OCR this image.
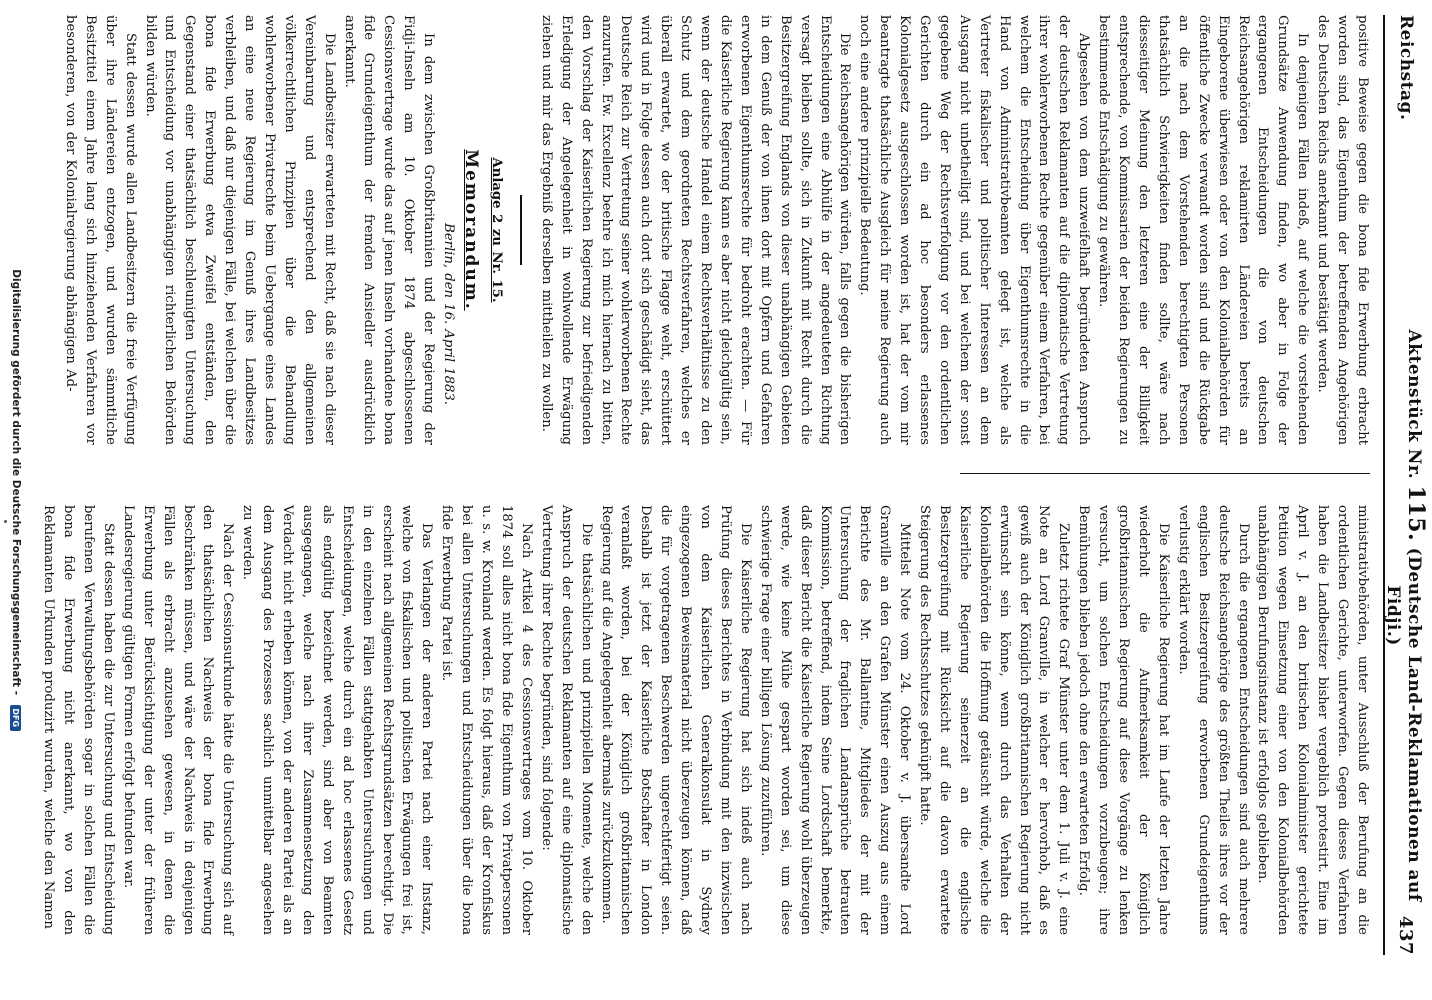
Reichstag.
Aktenstück Nr. 115. (Deutsche Land-Reklamationen auf Fidji.)
437

positive Beweise gegen die bona fide Erwerbung erbracht worden sind, das Eigenthum der betreffenden Angehörigen des Deutschen Reichs anerkannt und bestätigt werden.

In denjenigen Fällen indeß, auf welche die vorstehenden Grundsätze Anwendung finden, wo aber in Folge der ergangenen Entscheidungen die von deutschen Reichsangehörigen reklamirten Ländereien bereits an Eingeborene überwiesen oder von den Kolonialbehörden für öffentliche Zwecke verwandt worden sind und die Rückgabe an die nach dem Vorstehenden berechtigten Personen thatsächlich Schwierigkeiten finden sollte, wäre nach diesseitiger Meinung den letzteren eine der Billigkeit entsprechende, von Kommissarien der beiden Regierungen zu bestimmende Entschädigung zu gewähren.

Abgesehen von dem unzweifelhaft begründeten Anspruch der deutschen Reklamanten auf die diplomatische Vertretung ihrer wohlerworbenen Rechte gegenüber einem Verfahren, bei welchem die Entscheidung über Eigenthumsrechte in die Hand von Administrativbeamten gelegt ist, welche als Vertreter fiskalischer und politischer Interessen an dem Ausgang nicht unbetheiligt sind, und bei welchem der sonst gegebene Weg der Rechtsverfolgung vor den ordentlichen Gerichten durch ein ad hoc besonders erlassenes Kolonialgesetz ausgeschlossen worden ist, hat der vom mir beantragte thatsächliche Ausgleich für meine Regierung auch noch eine andere prinzipielle Bedeutung.

Die Reichsangehörigen würden, falls gegen die bisherigen Entscheidungen eine Abhülfe in der angedeuteten Richtung versagt bleiben sollte, sich in Zukunft mit Recht durch die Besitzergreifung Englands von dieser unabhängigen Gebieten in dem Genuß der von ihnen dort mit Opfern und Gefahren erworbenen Eigenthumsrechte für bedroht erachten. — Für die Kaiserliche Regierung kann es aber nicht gleichgültig sein, wenn der deutsche Handel einem Rechtsverhältnisse zu den Schutz und dem geordneten Rechtsverfahren, welches er überall erwartet, wo der britische Flagge weht, erschüttert wird und in Folge dessen auch dort sich geschädigt sieht, das Deutsche Reich zur Vertretung seiner wohlerworbenen Rechte anzurufen. Ew. Excellenz beehre ich mich hiernach zu bitten, den Vorschlag der Kaiserlichen Regierung zur befriedigenden Erledigung der Angelegenheit in wohlwollende Erwägung ziehen und mir das Ergebniß derselben mittheilen zu wollen.

Anlage 2 zu Nr. 15.

Memorandum.

Berlin, den 16. April 1883.

In dem zwischen Großbritannien und der Regierung der Fidji-Inseln am 10. Oktober 1874 abgeschlossenen Cessionsvertrage wurde das auf jenen Inseln vorhandene bona fide Grundeigenthum der fremden Ansiedler ausdrücklich anerkannt.

Die Landbesitzer erwarteten mit Recht, daß sie nach dieser Vereinbarung und entsprechend den allgemeinen völkerrechtlichen Prinzipien über die Behandlung wohlerworbener Privatrechte beim Uebergange eines Landes an eine neue Regierung im Genuß ihres Landbesitzes verbleiben, und daß nur diejenigen Fälle, bei welchen über die bona fide Erwerbung etwa Zweifel entständen, den Gegenstand einer thatsächlich beschleunigten Untersuchung und Entscheidung vor unabhängigen richterlichen Behörden bilden würden.

Statt dessen wurde allen Landbesitzern die freie Verfügung über ihre Ländereien entzogen, und wurden sämmtliche Besitztitel einem Jahre lang sich hinziehenden Verfahren vor besonderen, von der Kolonialregierung abhängigen Ad-

ministrativbehörden, unter Ausschluß der Berufung an die ordentlichen Gerichte, unterworfen. Gegen dieses Verfahren haben die Landbesitzer bisher vergeblich protestirt. Eine im April v. J. an den britischen Kolonialminister gerichtete Petition wegen Einsetzung einer von den Kolonialbehörden unabhängigen Berufungsinstanz ist erfolglos geblieben.

Durch die ergangenen Entscheidungen sind auch mehrere deutsche Reichsangehörige des größten Theiles ihres vor der englischen Besitzergreifung erworbenen Grundeigenthums verlustig erklärt worden.

Die Kaiserliche Regierung hat im Laufe der letzten Jahre wiederholt die Aufmerksamkeit der Königlich großbritannischen Regierung auf diese Vorgänge zu lenken versucht, um solchen Entscheidungen vorzubeugen; ihre Bemühungen blieben jedoch ohne den erwarteten Erfolg.

Zuletzt richtete Graf Münster unter dem 1. Juli v. J. eine Note an Lord Granville, in welcher er hervorhob, daß es gewiß auch der Königlich großbritannischen Regierung nicht erwünscht sein könne, wenn durch das Verhalten der Kolonialbehörden die Hoffnung getäuscht würde, welche die Kaiserliche Regierung seinerzeit an die englische Besitzergreifung mit Rücksicht auf die davon erwartete Steigerung des Rechtsschutzes geknüpft hatte.

Mittelst Note vom 24. Oktober v. J. übersandte Lord Granville an den Grafen Münster einen Auszug aus einem Berichte des Mr. Ballantine, Mitgliedes der mit der Untersuchung der fraglichen Landansprüche betrauten Kommission, betreffend, indem Seine Lordschaft bemerkte, daß dieser Bericht die Kaiserliche Regierung wohl überzeugen werde, wie keine Mühe gespart worden sei, um diese schwierige Frage einer billigen Lösung zuzuführen.

Die Kaiserliche Regierung hat sich indeß auch nach Prüfung dieses Berichtes in Verbindung mit den inzwischen von dem Kaiserlichen Generalkonsulat in Sydney eingezogenen Beweismaterial nicht überzeugen können, daß die für vorgetragenen Beschwerden ungerechtfertigt seien. Deshalb ist jetzt der Kaiserliche Botschafter in London veranlaßt worden, bei der Königlich großbritannischen Regierung auf die Angelegenheit abermals zurückzukommen.

Die thatsächlichen und prinzipiellen Momente, welche den Anspruch der deutschen Reklamanten auf eine diplomatische Vertretung ihrer Rechte begründen, sind folgende:

Nach Artikel 4 des Cessionsvertrages vom 10. Oktober 1874 soll alles nicht bona fide Eigenthum von Privatpersonen u. s. w. Kronland werden. Es folgt hieraus, daß der Kronfiskus bei allen Untersuchungen und Entscheidungen über die bona fide Erwerbung Partei ist.

Das Verlangen der anderen Partei nach einer Instanz, welche von fiskalischen und politischen Erwägungen frei ist, erscheint nach allgemeinen Rechtsgrundsätzen berechtigt. Die in den einzelnen Fällen stattgehabten Untersuchungen und Entscheidungen, welche durch ein ad hoc erlassenes Gesetz als endgültig bezeichnet werden, sind aber von Beamten ausgegangen, welche nach ihrer Zusammensetzung den Verdacht nicht erheben können, von der anderen Partei als an dem Ausgang des Prozesses sachlich unmittelbar angesehen zu werden.

Nach der Cessionsurkunde hätte die Untersuchung sich auf den thatsächlichen Nachweis der bona fide Erwerbung beschränken müssen, und wäre der Nachweis in denjenigen Fällen als erbracht anzusehen gewesen, in denen die Erwerbung unter Berücksichtigung der unter der früheren Landesregierung gültigen Formen erfolgt befunden war.

Statt dessen haben die zur Untersuchung und Entscheidung berufenen Verwaltungsbehörden sogar in solchen Fällen die bona fide Erwerbung nicht anerkannt, wo von den Reklamanten Urkunden produzirt wurden, welche den Namen

Digitalisierung gefördert durch die Deutsche Forschungsgemeinschaft - DFG
